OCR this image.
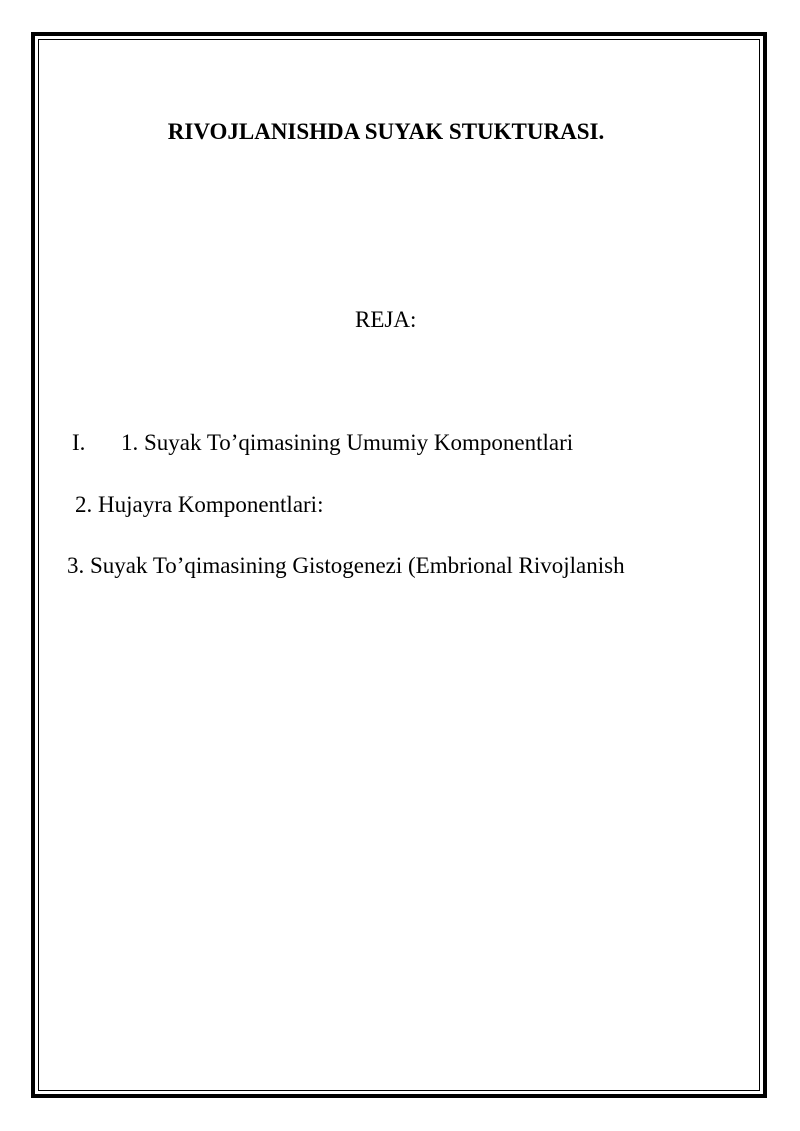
RIVOJLANISHDA SUYAK STUKTURASI.

REJA:

I. 1. Suyak To’qimasining Umumiy Komponentlari

2. Hujayra Komponentlari:

3. Suyak To’qimasining Gistogenezi (Embrional Rivojlanish
